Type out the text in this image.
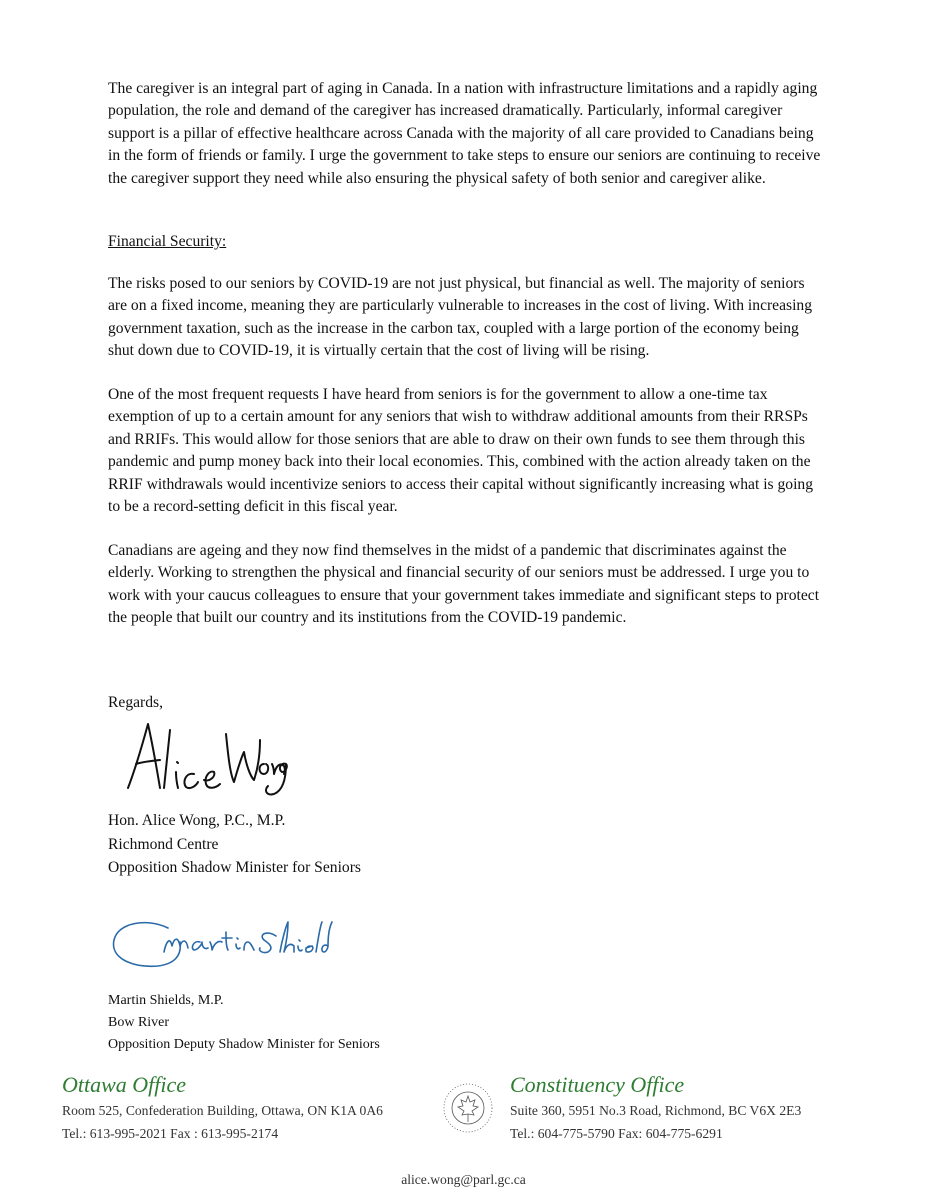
The caregiver is an integral part of aging in Canada. In a nation with infrastructure limitations and a rapidly aging population, the role and demand of the caregiver has increased dramatically. Particularly, informal caregiver support is a pillar of effective healthcare across Canada with the majority of all care provided to Canadians being in the form of friends or family. I urge the government to take steps to ensure our seniors are continuing to receive the caregiver support they need while also ensuring the physical safety of both senior and caregiver alike.

Financial Security:

The risks posed to our seniors by COVID-19 are not just physical, but financial as well. The majority of seniors are on a fixed income, meaning they are particularly vulnerable to increases in the cost of living. With increasing government taxation, such as the increase in the carbon tax, coupled with a large portion of the economy being shut down due to COVID-19, it is virtually certain that the cost of living will be rising.

One of the most frequent requests I have heard from seniors is for the government to allow a one-time tax exemption of up to a certain amount for any seniors that wish to withdraw additional amounts from their RRSPs and RRIFs. This would allow for those seniors that are able to draw on their own funds to see them through this pandemic and pump money back into their local economies. This, combined with the action already taken on the RRIF withdrawals would incentivize seniors to access their capital without significantly increasing what is going to be a record-setting deficit in this fiscal year.

Canadians are ageing and they now find themselves in the midst of a pandemic that discriminates against the elderly. Working to strengthen the physical and financial security of our seniors must be addressed. I urge you to work with your caucus colleagues to ensure that your government takes immediate and significant steps to protect the people that built our country and its institutions from the COVID-19 pandemic.

Regards,

Hon. Alice Wong, P.C., M.P.

Richmond Centre

Opposition Shadow Minister for Seniors

Martin Shields, M.P.

Bow River

Opposition Deputy Shadow Minister for Seniors

Ottawa Office
Room 525, Confederation Building, Ottawa, ON K1A 0A6
Tel.: 613-995-2021 Fax : 613-995-2174
Constituency Office
Suite 360, 5951 No.3 Road, Richmond, BC V6X 2E3
Tel.: 604-775-5790 Fax: 604-775-6291
alice.wong@parl.gc.ca
